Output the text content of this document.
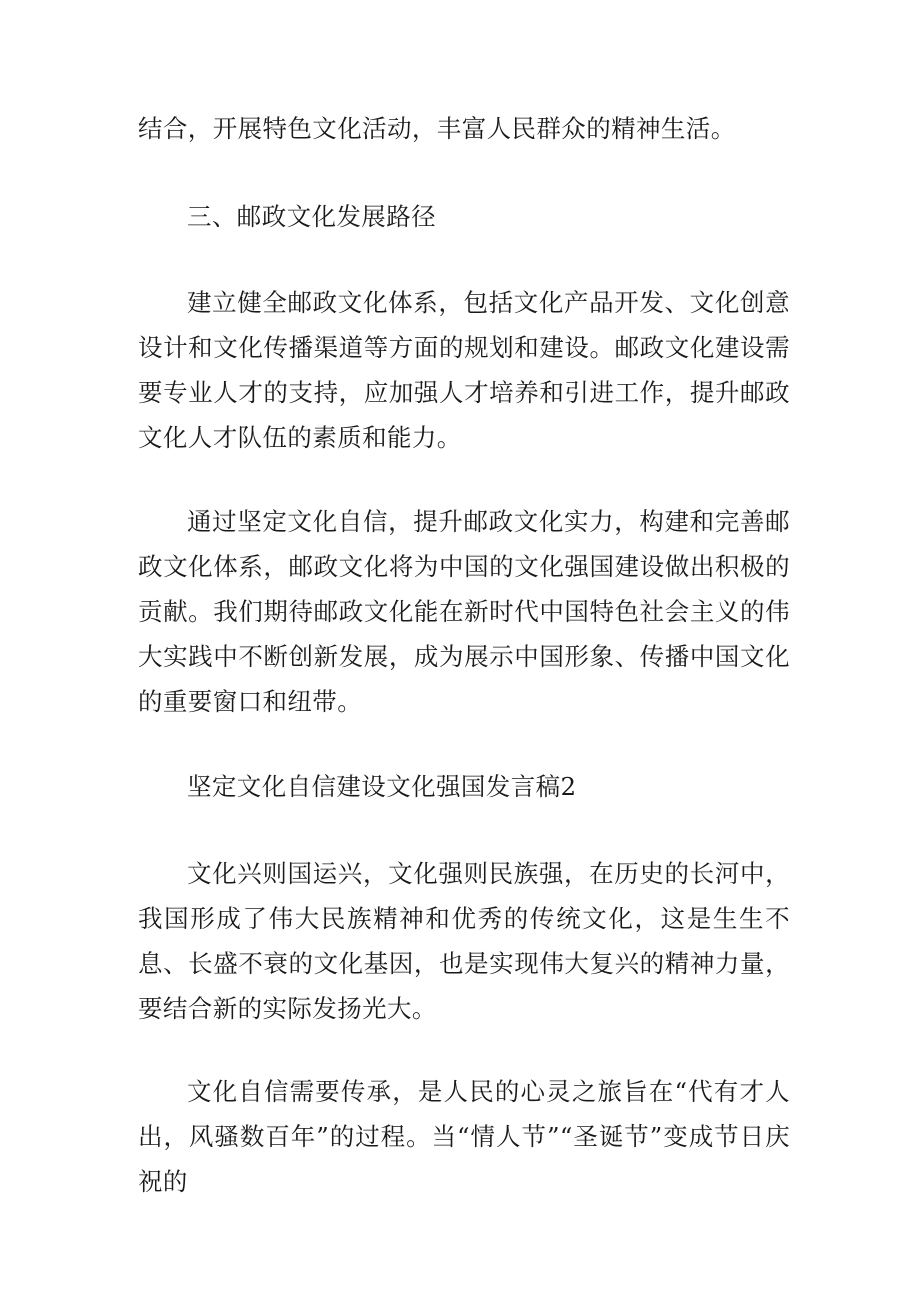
结合，开展特色文化活动，丰富人民群众的精神生活。

三、邮政文化发展路径

建立健全邮政文化体系，包括文化产品开发、文化创意设计和文化传播渠道等方面的规划和建设。邮政文化建设需要专业人才的支持，应加强人才培养和引进工作，提升邮政文化人才队伍的素质和能力。

通过坚定文化自信，提升邮政文化实力，构建和完善邮政文化体系，邮政文化将为中国的文化强国建设做出积极的贡献。我们期待邮政文化能在新时代中国特色社会主义的伟大实践中不断创新发展，成为展示中国形象、传播中国文化的重要窗口和纽带。

坚定文化自信建设文化强国发言稿2

文化兴则国运兴，文化强则民族强，在历史的长河中，我国形成了伟大民族精神和优秀的传统文化，这是生生不息、长盛不衰的文化基因，也是实现伟大复兴的精神力量，要结合新的实际发扬光大。

文化自信需要传承，是人民的心灵之旅旨在“代有才人出，风骚数百年”的过程。当“情人节”“圣诞节”变成节日庆祝的
